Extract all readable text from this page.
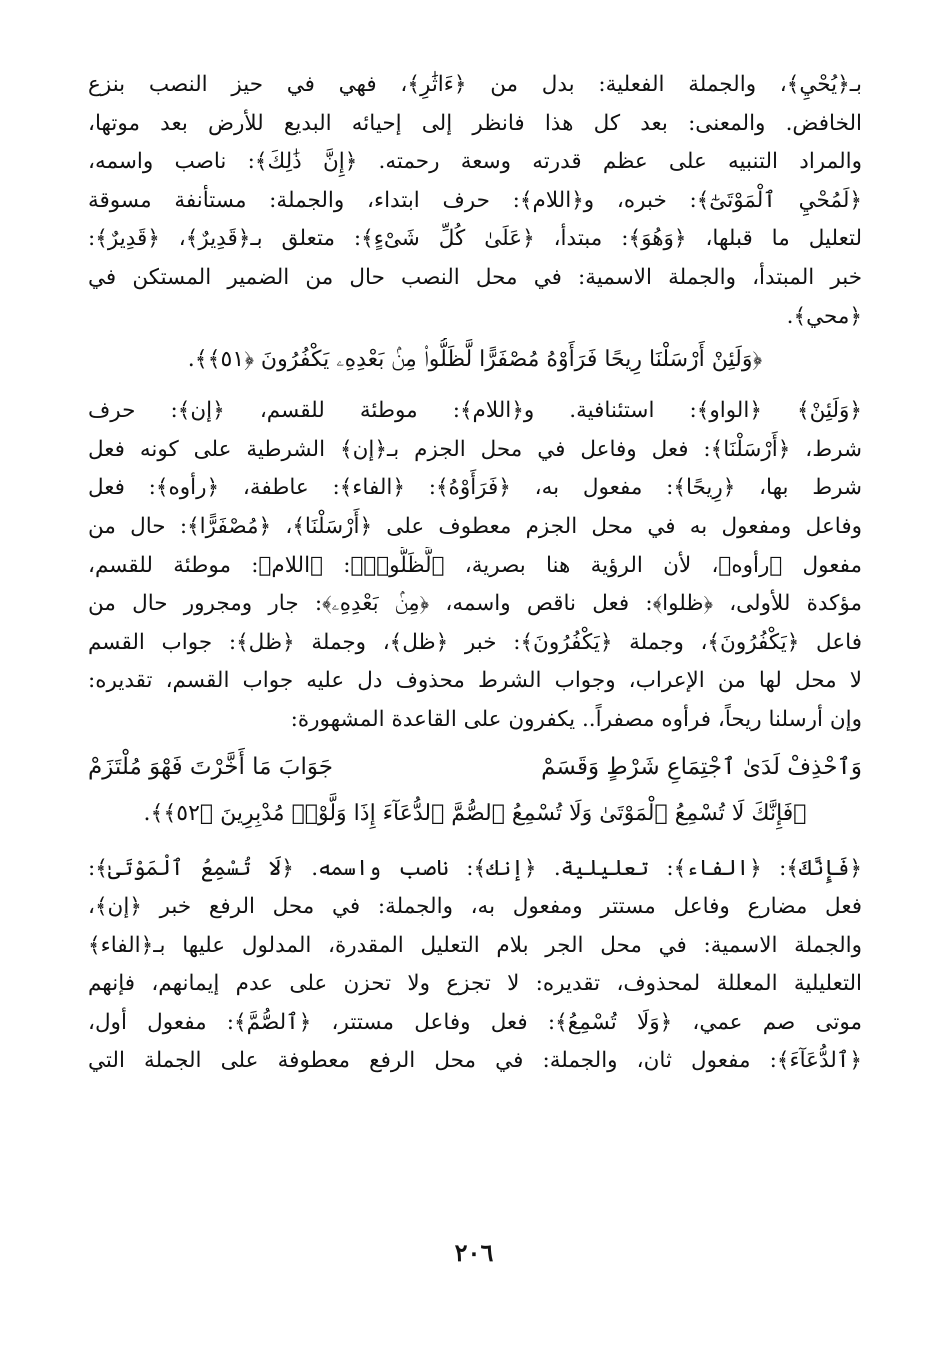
بـ﴿يُحْيِ﴾، والجملة الفعلية: بدل من ﴿ءَاثَٰرِ﴾، فهي في حيز النصب بنزع
الخافض. والمعنى: بعد كل هذا فانظر إلى إحيائه البديع للأرض بعد موتها،
والمراد التنبيه على عظم قدرته وسعة رحمته. ﴿إِنَّ ذَٰلِكَ﴾: ناصب واسمه،
﴿لَمُحْيِ ٱلْمَوْتَىٰٓ﴾: خبره، و﴿اللام﴾: حرف ابتداء، والجملة: مستأنفة مسوقة
لتعليل ما قبلها، ﴿وَهُوَ﴾: مبتدأ، ﴿عَلَىٰ كُلِّ شَىْءٍ﴾: متعلق بـ﴿قَدِيرٌ﴾، ﴿قَدِيرٌ﴾:
خبر المبتدأ، والجملة الاسمية: في محل النصب حال من الضمير المستكن في
﴿محي﴾.
﴿وَلَئِنْ أَرْسَلْنَا رِيحًا فَرَأَوْهُ مُصْفَرًّا لَّظَلُّوا۟ مِنۢ بَعْدِهِۦ يَكْفُرُونَ ﴿٥١﴾﴾.
﴿وَلَئِنْ﴾ ﴿الواو﴾: استئنافية. و﴿اللام﴾: موطئة للقسم، ﴿إن﴾: حرف
شرط، ﴿أَرْسَلْنَا﴾: فعل وفاعل في محل الجزم بـ﴿إن﴾ الشرطية على كونه فعل
شرط بها، ﴿رِيحًا﴾: مفعول به، ﴿فَرَأَوْهُ﴾: ﴿الفاء﴾: عاطفة، ﴿رأوه﴾: فعل
وفاعل ومفعول به في محل الجزم معطوف على ﴿أَرْسَلْنَا﴾، ﴿مُصْفَرًّا﴾: حال من
مفعول ﴿رأوه﴾، لأن الرؤية هنا بصرية، ﴿لَّظَلُّوا۟﴾: ﴿اللام﴾: موطئة للقسم،
مؤكدة للأولى، ﴿ظلوا﴾: فعل ناقص واسمه، ﴿مِنۢ بَعْدِهِۦ﴾: جار ومجرور حال من
فاعل ﴿يَكْفُرُونَ﴾، وجملة ﴿يَكْفُرُونَ﴾: خبر ﴿ظل﴾، وجملة ﴿ظل﴾: جواب القسم
لا محل لها من الإعراب، وجواب الشرط محذوف دل عليه جواب القسم، تقديره:
وإن أرسلنا ريحاً، فرأوه مصفراً.. يكفرون على القاعدة المشهورة:
وَٱحْذِفْ لَدَىٰ ٱجْتِمَاعِ شَرْطٍ وَقَسَمْ
جَوَابَ مَا أَخَّرْتَ فَهْوَ مُلْتَزَمْ
﴿فَإِنَّكَ لَا تُسْمِعُ ٱلْمَوْتَىٰ وَلَا تُسْمِعُ ٱلصُّمَّ ٱلدُّعَآءَ إِذَا وَلَّوْا۟ مُدْبِرِينَ ﴿٥٢﴾﴾.
﴿فَإِنَّكَ﴾: ﴿الفاء﴾: تعليلية. ﴿إنك﴾: ناصب واسمه. ﴿لَا تُسْمِعُ ٱلْمَوْتَىٰ﴾:
فعل مضارع وفاعل مستتر ومفعول به، والجملة: في محل الرفع خبر ﴿إن﴾،
والجملة الاسمية: في محل الجر بلام التعليل المقدرة، المدلول عليها بـ﴿الفاء﴾
التعليلية المعللة لمحذوف، تقديره: لا تجزع ولا تحزن على عدم إيمانهم، فإنهم
موتى صم عمي، ﴿وَلَا تُسْمِعُ﴾: فعل وفاعل مستتر، ﴿ٱلصُّمَّ﴾: مفعول أول،
﴿ٱلدُّعَآءَ﴾: مفعول ثان، والجملة: في محل الرفع معطوفة على الجملة التي
٢٠٦
